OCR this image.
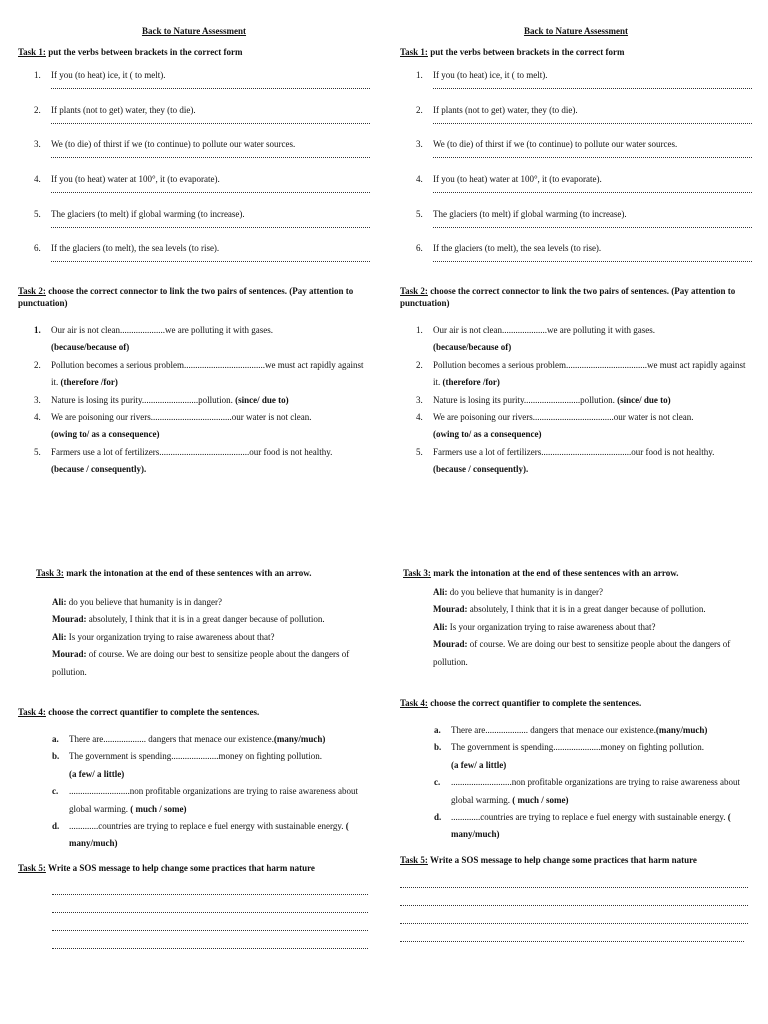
Back to Nature Assessment
Task 1: put the verbs between brackets in the correct form
1. If you (to heat) ice, it ( to melt).
2. If plants (not to get) water, they (to die).
3. We (to die) of thirst if we (to continue) to pollute our water sources.
4. If you (to heat) water at 100°, it (to evaporate).
5. The glaciers (to melt) if global warming (to increase).
6. If the glaciers (to melt), the sea levels (to rise).
Task 2: choose the correct connector to link the two pairs of sentences. (Pay attention to punctuation)
1. Our air is not clean....................we are polluting it with gases.
(because/because of)
2. Pollution becomes a serious problem....................................we must act rapidly against it. (therefore /for)
3. Nature is losing its purity.........................pollution. (since/ due to)
4. We are poisoning our rivers....................................our water is not clean.
(owing to/ as a consequence)
5. Farmers use a lot of fertilizers........................................our food is not healthy.
(because / consequently).
Task 3: mark the intonation at the end of these sentences with an arrow.
Ali: do you believe that humanity is in danger?
Mourad: absolutely, I think that it is in a great danger because of pollution.
Ali: Is your organization trying to raise awareness about that?
Mourad: of course. We are doing our best to sensitize people about the dangers of pollution.
Task 4: choose the correct quantifier to complete the sentences.
a. There are................... dangers that menace our existence.(many/much)
b. The government is spending.....................money on fighting pollution.
(a few/ a little)
c. ...........................non profitable organizations are trying to raise awareness about global warming. ( much / some)
d. .............countries are trying to replace e fuel energy with sustainable energy. ( many/much)
Task 5: Write a SOS message to help change some practices that harm nature
Back to Nature Assessment
Task 1: put the verbs between brackets in the correct form
1. If you (to heat) ice, it ( to melt).
2. If plants (not to get) water, they (to die).
3. We (to die) of thirst if we (to continue) to pollute our water sources.
4. If you (to heat) water at 100°, it (to evaporate).
5. The glaciers (to melt) if global warming (to increase).
6. If the glaciers (to melt), the sea levels (to rise).
Task 2: choose the correct connector to link the two pairs of sentences. (Pay attention to punctuation)
1. Our air is not clean....................we are polluting it with gases.
(because/because of)
2. Pollution becomes a serious problem....................................we must act rapidly against it. (therefore /for)
3. Nature is losing its purity.........................pollution. (since/ due to)
4. We are poisoning our rivers....................................our water is not clean.
(owing to/ as a consequence)
5. Farmers use a lot of fertilizers........................................our food is not healthy.
(because / consequently).
Task 3: mark the intonation at the end of these sentences with an arrow.
Ali: do you believe that humanity is in danger?
Mourad: absolutely, I think that it is in a great danger because of pollution.
Ali: Is your organization trying to raise awareness about that?
Mourad: of course. We are doing our best to sensitize people about the dangers of pollution.
Task 4: choose the correct quantifier to complete the sentences.
a. There are................... dangers that menace our existence.(many/much)
b. The government is spending.....................money on fighting pollution.
(a few/ a little)
c. ...........................non profitable organizations are trying to raise awareness about global warming. ( much / some)
d. .............countries are trying to replace e fuel energy with sustainable energy. ( many/much)
Task 5: Write a SOS message to help change some practices that harm nature
